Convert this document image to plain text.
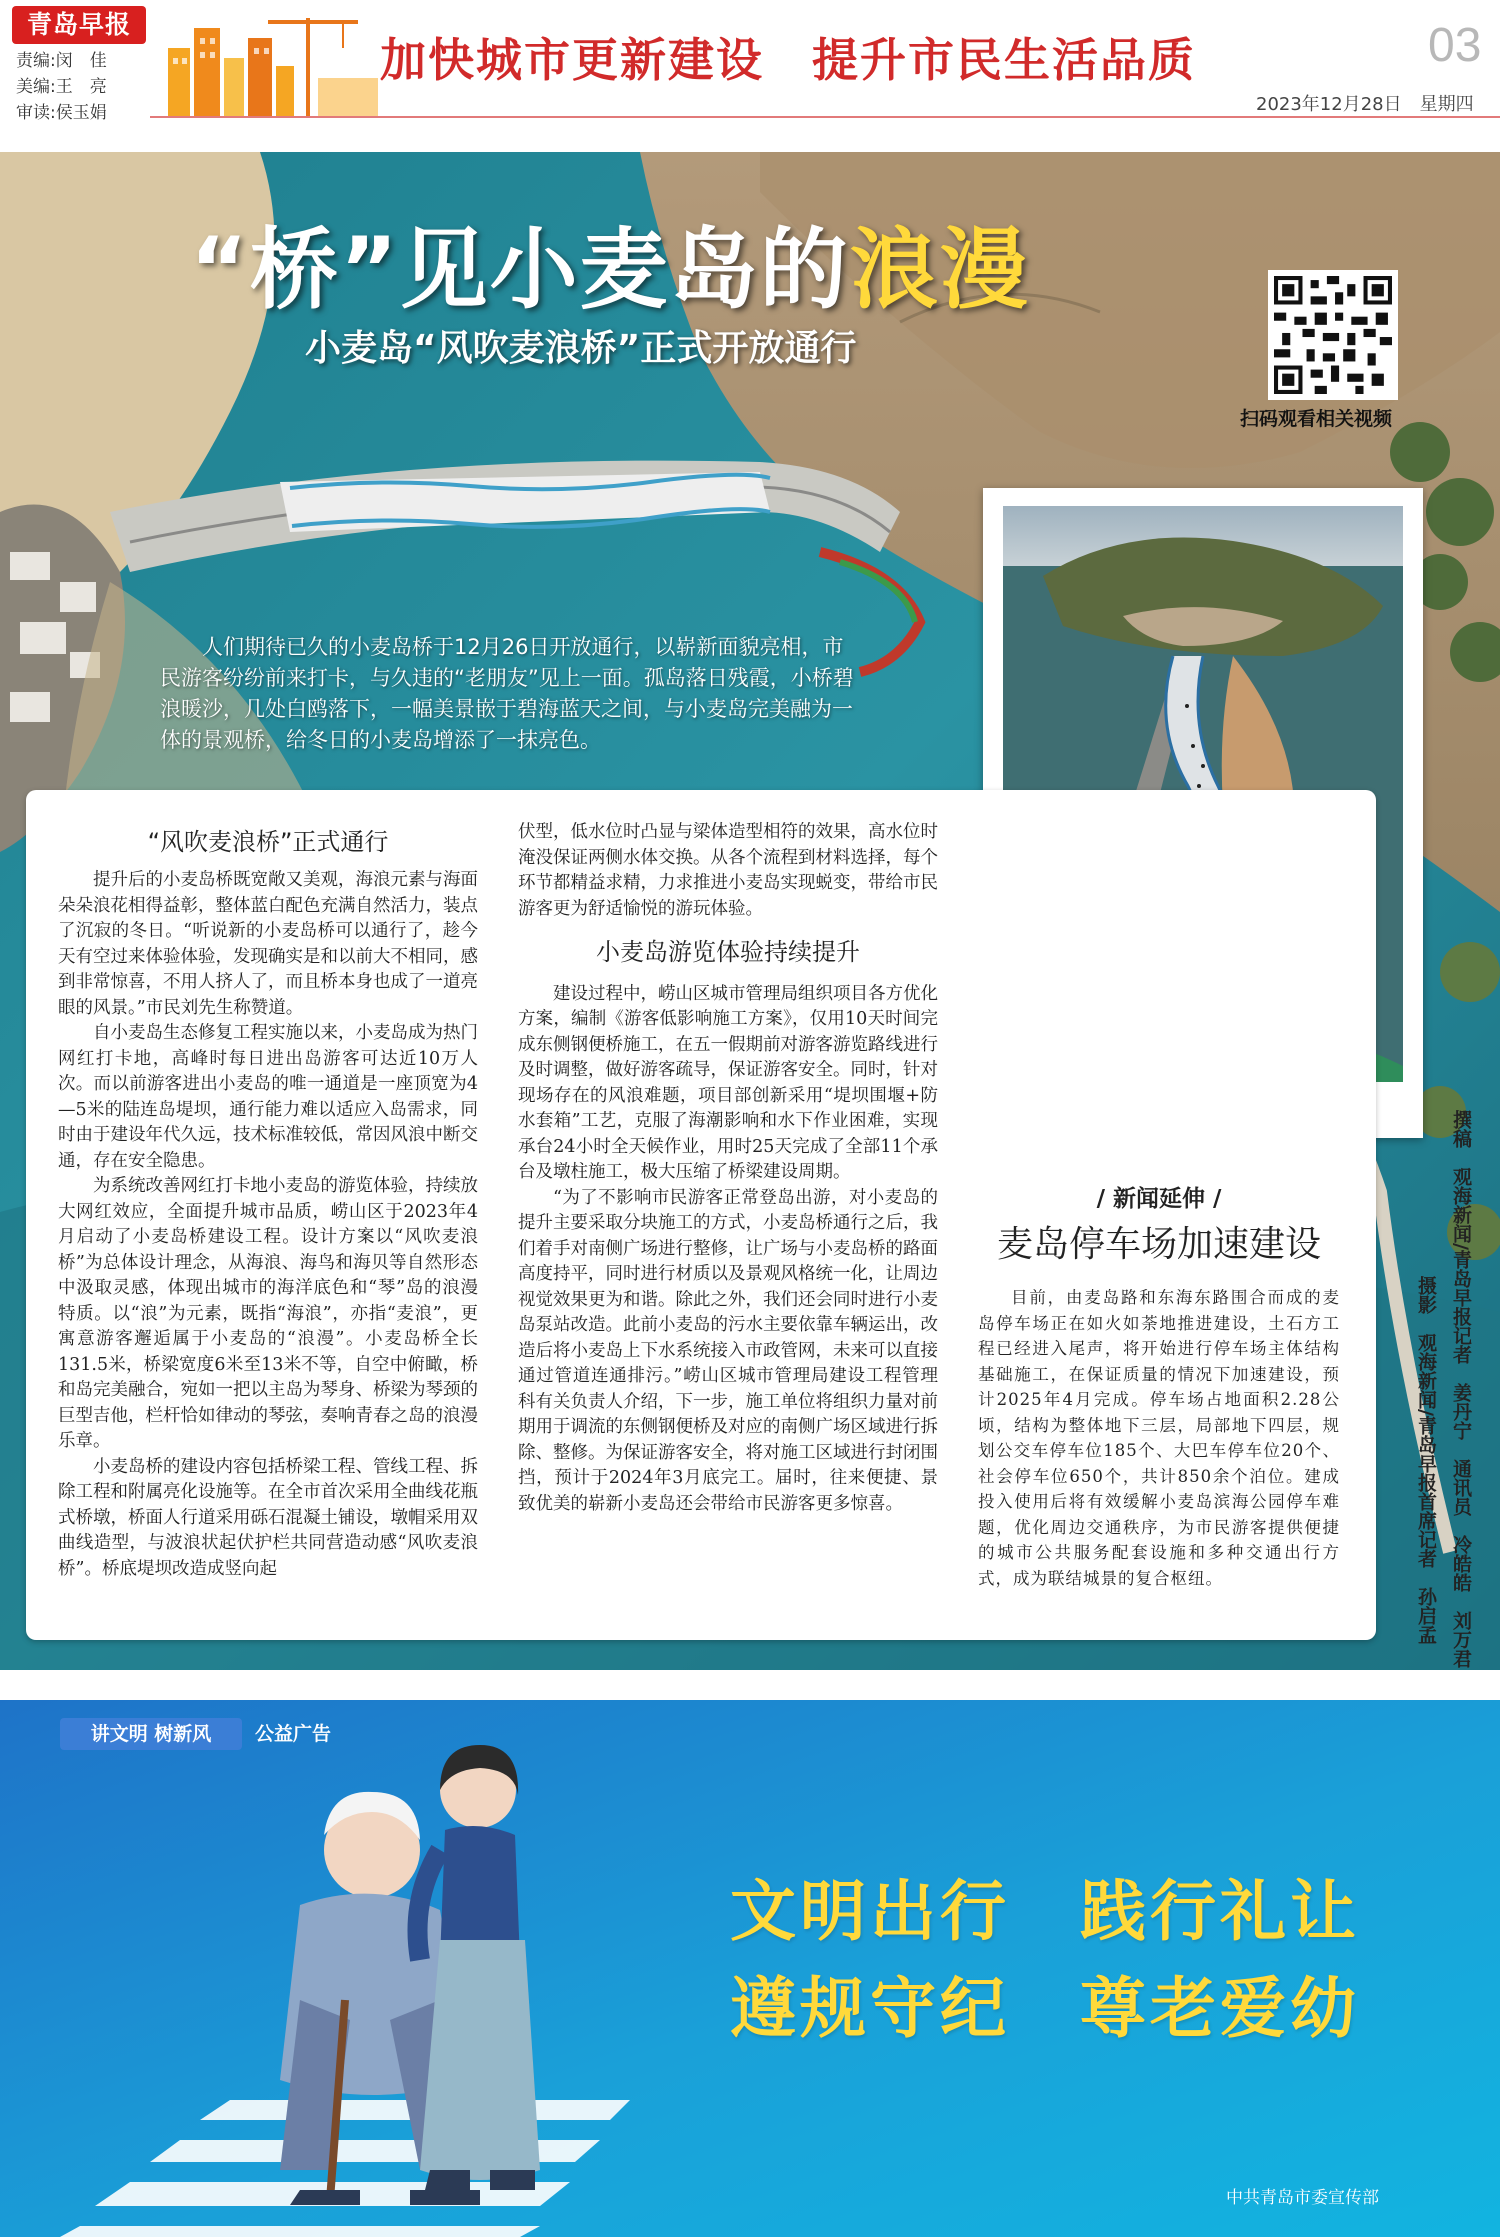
青岛早报
责编:闵　佳
美编:王　亮
审读:侯玉娟
加快城市更新建设　提升市民生活品质	03
2023年12月28日　星期四
“桥”见小麦岛的浪漫
小麦岛“风吹麦浪桥”正式开放通行
扫码观看相关视频

人们期待已久的小麦岛桥于12月26日开放通行，以崭新面貌亮相，市民游客纷纷前来打卡，与久违的“老朋友”见上一面。孤岛落日残霞，小桥碧浪暖沙，几处白鸥落下，一幅美景嵌于碧海蓝天之间，与小麦岛完美融为一体的景观桥，给冬日的小麦岛增添了一抹亮色。

“风吹麦浪桥”正式通行

提升后的小麦岛桥既宽敞又美观，海浪元素与海面朵朵浪花相得益彰，整体蓝白配色充满自然活力，装点了沉寂的冬日。“听说新的小麦岛桥可以通行了，趁今天有空过来体验体验，发现确实是和以前大不相同，感到非常惊喜，不用人挤人了，而且桥本身也成了一道亮眼的风景。”市民刘先生称赞道。

自小麦岛生态修复工程实施以来，小麦岛成为热门网红打卡地，高峰时每日进出岛游客可达近10万人次。而以前游客进出小麦岛的唯一通道是一座顶宽为4—5米的陆连岛堤坝，通行能力难以适应入岛需求，同时由于建设年代久远，技术标准较低，常因风浪中断交通，存在安全隐患。

为系统改善网红打卡地小麦岛的游览体验，持续放大网红效应，全面提升城市品质，崂山区于2023年4月启动了小麦岛桥建设工程。设计方案以“风吹麦浪桥”为总体设计理念，从海浪、海鸟和海贝等自然形态中汲取灵感，体现出城市的海洋底色和“琴”岛的浪漫特质。以“浪”为元素，既指“海浪”，亦指“麦浪”，更寓意游客邂逅属于小麦岛的“浪漫”。小麦岛桥全长131.5米，桥梁宽度6米至13米不等，自空中俯瞰，桥和岛完美融合，宛如一把以主岛为琴身、桥梁为琴颈的巨型吉他，栏杆恰如律动的琴弦，奏响青春之岛的浪漫乐章。

小麦岛桥的建设内容包括桥梁工程、管线工程、拆除工程和附属亮化设施等。在全市首次采用全曲线花瓶式桥墩，桥面人行道采用砾石混凝土铺设，墩帽采用双曲线造型，与波浪状起伏护栏共同营造动感“风吹麦浪桥”。桥底堤坝改造成竖向起

伏型，低水位时凸显与梁体造型相符的效果，高水位时淹没保证两侧水体交换。从各个流程到材料选择，每个环节都精益求精，力求推进小麦岛实现蜕变，带给市民游客更为舒适愉悦的游玩体验。

小麦岛游览体验持续提升

建设过程中，崂山区城市管理局组织项目各方优化方案，编制《游客低影响施工方案》，仅用10天时间完成东侧钢便桥施工，在五一假期前对游客游览路线进行及时调整，做好游客疏导，保证游客安全。同时，针对现场存在的风浪难题，项目部创新采用“堤坝围堰+防水套箱”工艺，克服了海潮影响和水下作业困难，实现承台24小时全天候作业，用时25天完成了全部11个承台及墩柱施工，极大压缩了桥梁建设周期。

“为了不影响市民游客正常登岛出游，对小麦岛的提升主要采取分块施工的方式，小麦岛桥通行之后，我们着手对南侧广场进行整修，让广场与小麦岛桥的路面高度持平，同时进行材质以及景观风格统一化，让周边视觉效果更为和谐。除此之外，我们还会同时进行小麦岛泵站改造。此前小麦岛的污水主要依靠车辆运出，改造后将小麦岛上下水系统接入市政管网，未来可以直接通过管道连通排污。”崂山区城市管理局建设工程管理科有关负责人介绍，下一步，施工单位将组织力量对前期用于调流的东侧钢便桥及对应的南侧广场区域进行拆除、整修。为保证游客安全，将对施工区域进行封闭围挡，预计于2024年3月底完工。届时，往来便捷、景致优美的崭新小麦岛还会带给市民游客更多惊喜。

/ 新闻延伸 /
麦岛停车场加速建设

目前，由麦岛路和东海东路围合而成的麦岛停车场正在如火如荼地推进建设，土石方工程已经进入尾声，将开始进行停车场主体结构基础施工，在保证质量的情况下加速建设，预计2025年4月完成。停车场占地面积2.28公顷，结构为整体地下三层，局部地下四层，规划公交车停车位185个、大巴车停车位20个、社会停车位650个，共计850余个泊位。建成投入使用后将有效缓解小麦岛滨海公园停车难题，优化周边交通秩序，为市民游客提供便捷的城市公共服务配套设施和多种交通出行方式，成为联结城景的复合枢纽。	撰稿　观海新闻/青岛早报记者　姜丹宁　通讯员　冷皓皓　刘万君
摄影　观海新闻/青岛早报首席记者　孙启孟
讲文明 树新风	公益广告
文明出行　践行礼让
遵规守纪　尊老爱幼
中共青岛市委宣传部
